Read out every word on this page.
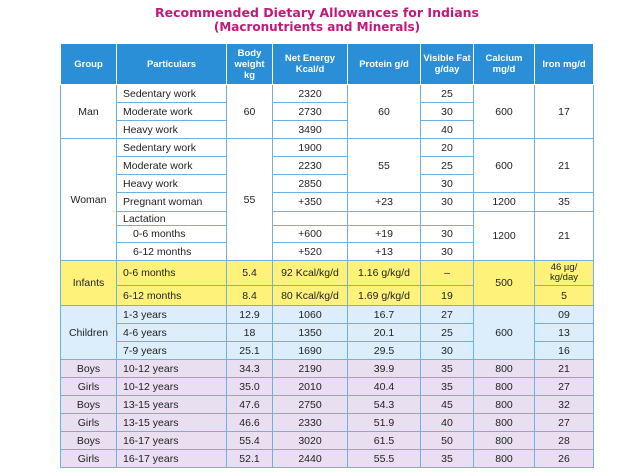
Recommended Dietary Allowances for Indians
(Macronutrients and Minerals)
Group	Particulars	Body weight kg	Net Energy Kcal/d	Protein g/d	Visible Fat g/day	Calcium mg/d	Iron mg/d
Man	Sedentary work	60	2320	60	25	600	17
	Moderate work		2730		30		
	Heavy work		3490		40		
Woman	Sedentary work	55	1900	55	20	600	21
	Moderate work		2230		25		
	Heavy work		2850		30		
	Pregnant woman		+350	+23	30	1200	35
	Lactation					1200	21
	0-6 months		+600	+19	30		
	6-12 months		+520	+13	30		
Infants	0-6 months	5.4	92 Kcal/kg/d	1.16 g/kg/d	–	500	46 µg/ kg/day
	6-12 months	8.4	80 Kcal/kg/d	1.69 g/kg/d	19		5
Children	1-3 years	12.9	1060	16.7	27	600	09
	4-6 years	18	1350	20.1	25		13
	7-9 years	25.1	1690	29.5	30		16
Boys	10-12 years	34.3	2190	39.9	35	800	21
Girls	10-12 years	35.0	2010	40.4	35	800	27
Boys	13-15 years	47.6	2750	54.3	45	800	32
Girls	13-15 years	46.6	2330	51.9	40	800	27
Boys	16-17 years	55.4	3020	61.5	50	800	28
Girls	16-17 years	52.1	2440	55.5	35	800	26
